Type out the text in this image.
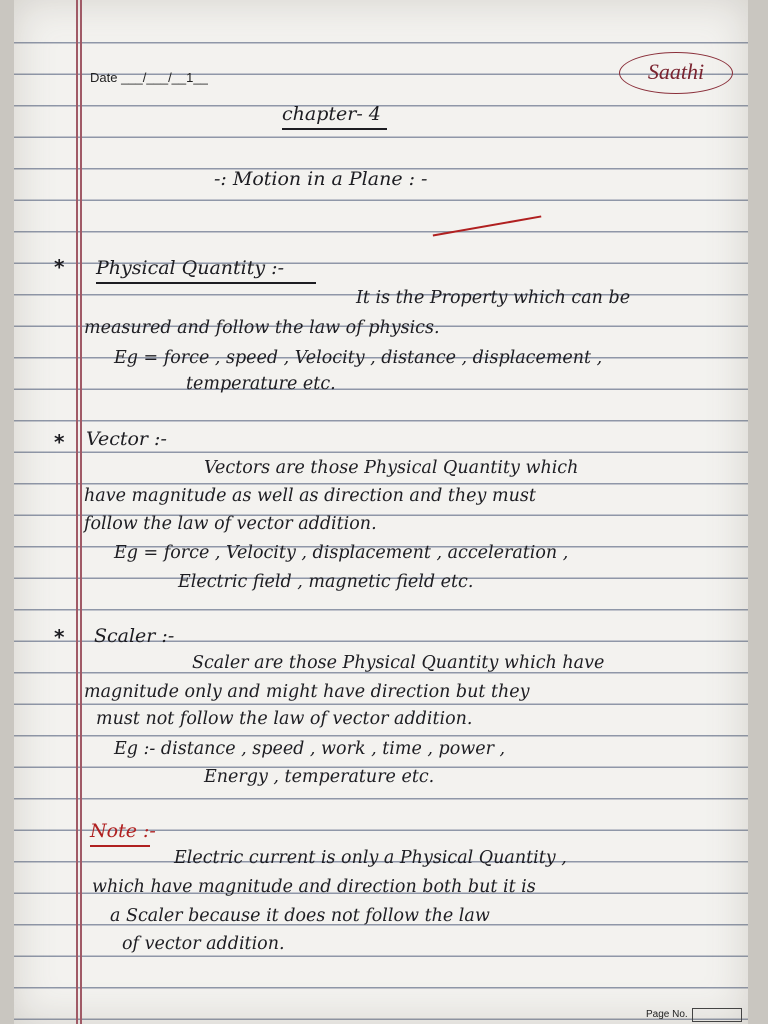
Date ___/___/__1__	Saathi
chapter- 4
-: Motion in a Plane : -
* Physical Quantity :-
It is the Property which can be
measured and follow the law of physics.
Eg = force , speed , Velocity , distance , displacement ,
temperature etc.
* Vector :-
Vectors are those Physical Quantity which
have magnitude as well as direction and they must
follow the law of vector addition.
Eg = force , Velocity , displacement , acceleration ,
Electric field , magnetic field etc.
* Scaler :-
Scaler are those Physical Quantity which have
magnitude only and might have direction but they
must not follow the law of vector addition.
Eg :- distance , speed , work , time , power ,
Energy , temperature etc.
Note :-
Electric current is only a Physical Quantity ,
which have magnitude and direction both but it is
a Scaler because it does not follow the law
of vector addition.
Page No.
